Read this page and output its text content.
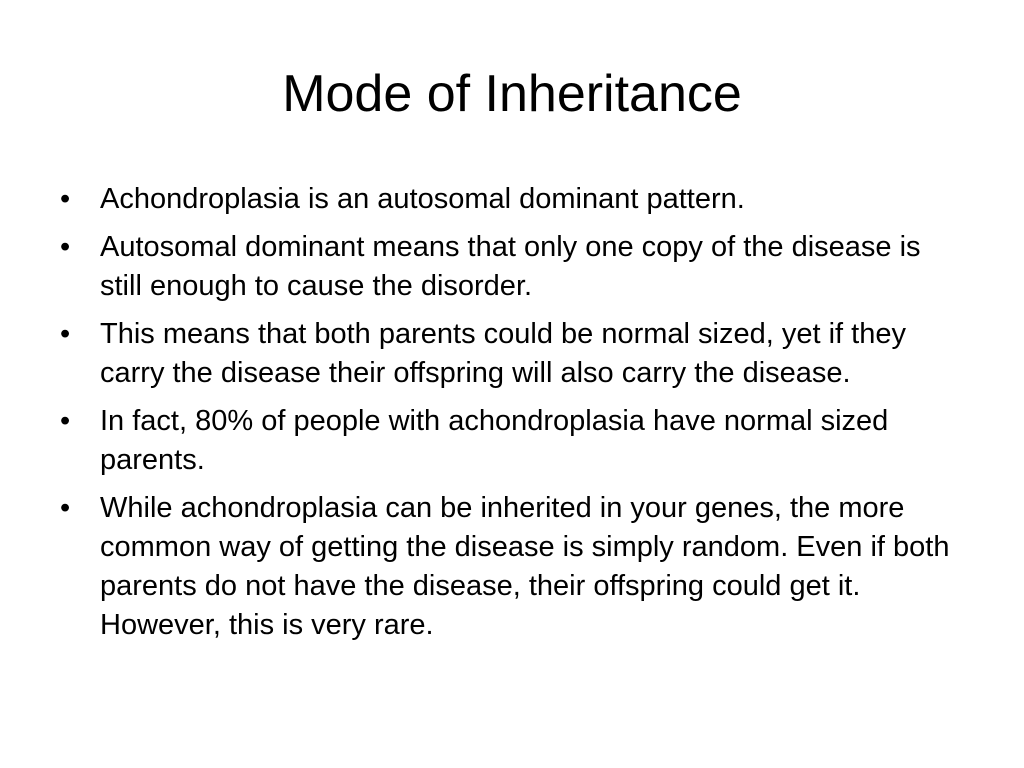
Mode of Inheritance
•	Achondroplasia is an autosomal dominant pattern.
•	Autosomal dominant means that only one copy of the disease is still enough to cause the disorder.
•	This means that both parents could be normal sized, yet if they carry the disease their offspring will also carry the disease.
•	In fact, 80% of people with achondroplasia have normal sized parents.
•	While achondroplasia can be inherited in your genes, the more common way of getting the disease is simply random. Even if both parents do not have the disease, their offspring could get it. However, this is very rare.
